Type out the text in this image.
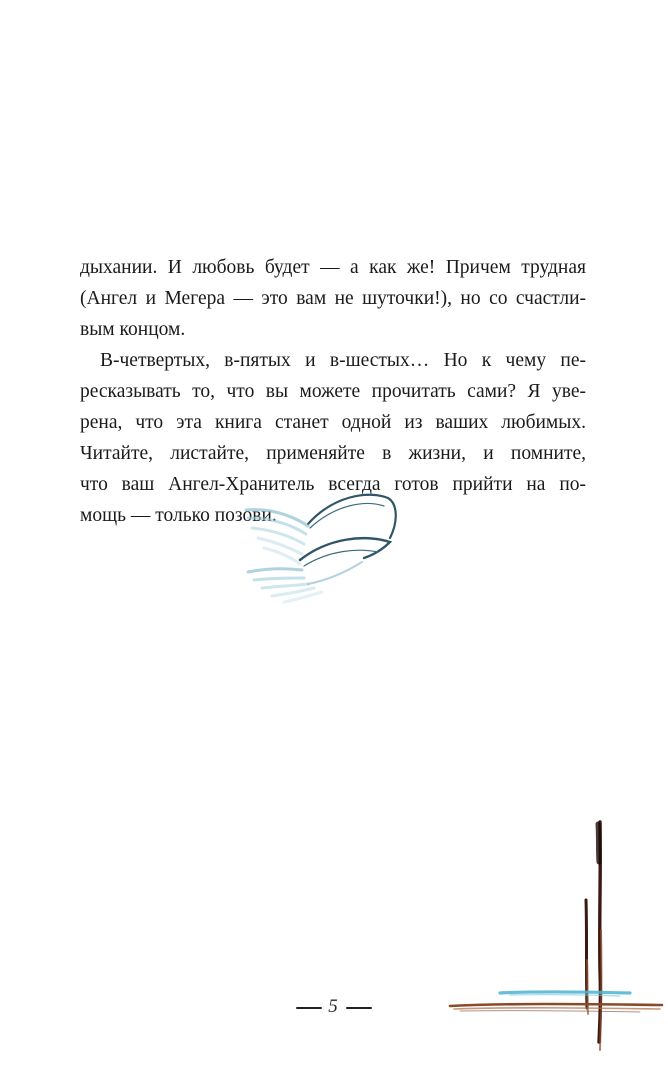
дыхании. И любовь будет — а как же! Причем трудная
(Ангел и Мегера — это вам не шуточки!), но со счастли-
вым концом.
В-четвертых, в-пятых и в-шестых… Но к чему пе-
ресказывать то, что вы можете прочитать сами? Я уве-
рена, что эта книга станет одной из ваших любимых.
Читайте, листайте, применяйте в жизни, и помните,
что ваш Ангел-Хранитель всегда готов прийти на по-
мощь — только позови.
5
